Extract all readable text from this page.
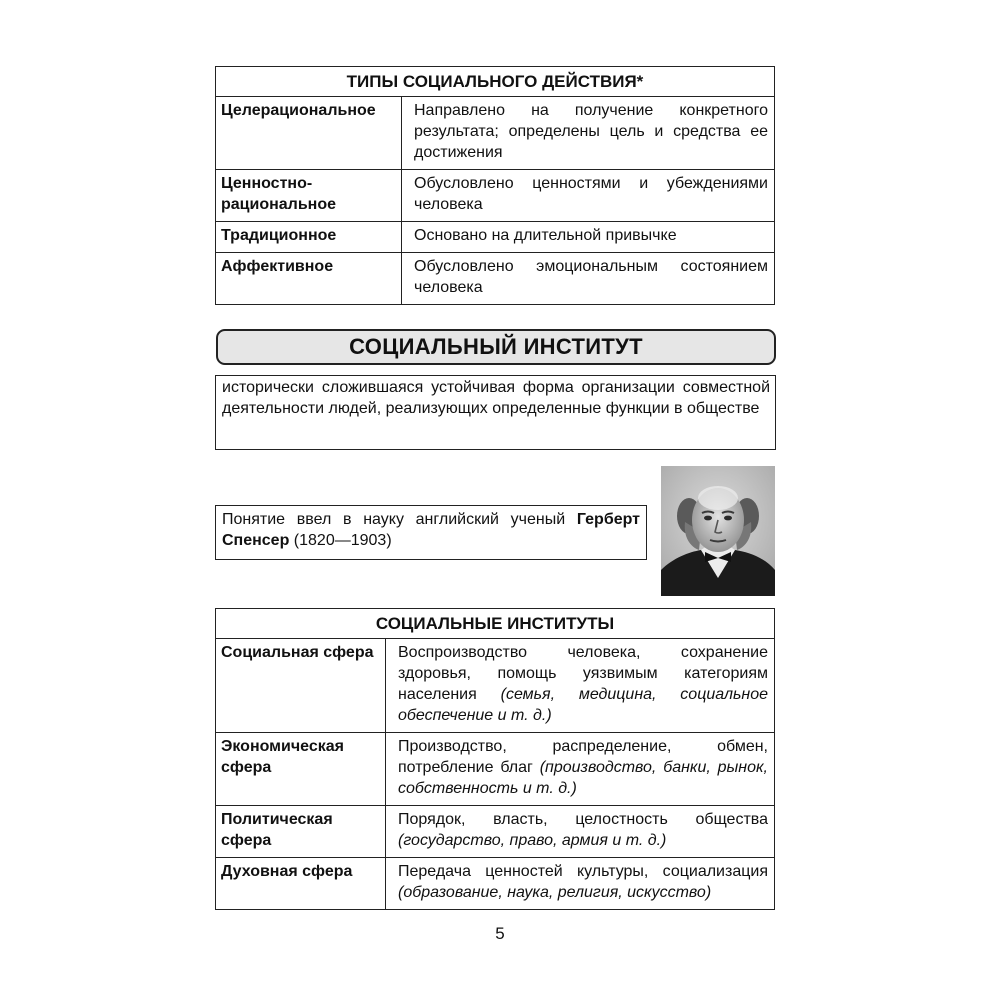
ТИПЫ СОЦИАЛЬНОГО ДЕЙСТВИЯ*	
Целерациональное	Направлено на получение конкретного результата; определены цель и средства ее достижения
Ценностно-рациональное	Обусловлено ценностями и убеждениями человека
Традиционное	Основано на длительной привычке
Аффективное	Обусловлено эмоциональным состоянием человека
СОЦИАЛЬНЫЙ ИНСТИТУТ
исторически сложившаяся устойчивая форма организации совместной деятельности людей, реализующих определенные функции в обществе
Понятие ввел в науку английский ученый Герберт Спенсер (1820—1903)
СОЦИАЛЬНЫЕ ИНСТИТУТЫ	
Социальная сфера	Воспроизводство человека, сохранение здоровья, помощь уязвимым категориям населения (семья, медицина, социальное обеспечение и т. д.)
Экономическая сфера	Производство, распределение, обмен, потребление благ (производство, банки, рынок, собственность и т. д.)
Политическая сфера	Порядок, власть, целостность общества (государство, право, армия и т. д.)
Духовная сфера	Передача ценностей культуры, социализация (образование, наука, религия, искусство)
5
